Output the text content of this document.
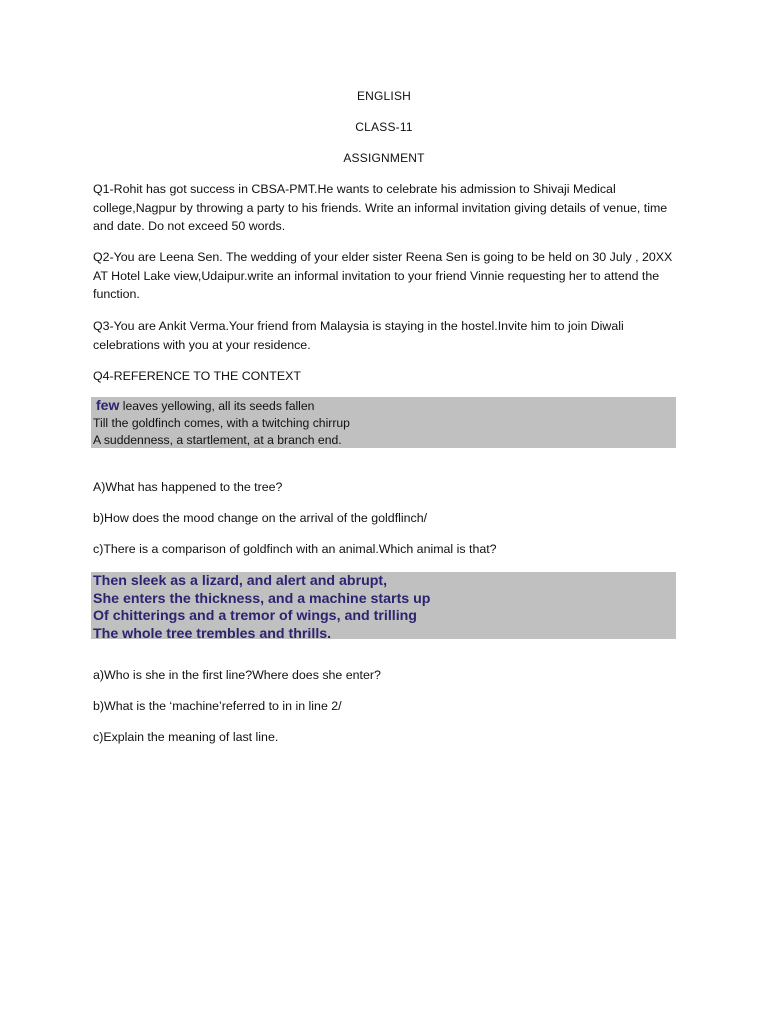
ENGLISH
CLASS-11
ASSIGNMENT

Q1-Rohit has got success in CBSA-PMT.He wants to celebrate his admission to Shivaji Medical college,Nagpur by throwing a party to his friends. Write an informal invitation giving details of venue, time and date. Do not exceed 50 words.

Q2-You are Leena Sen. The wedding of your elder sister Reena Sen is going to be held on 30 July , 20XX AT Hotel Lake view,Udaipur.write an informal invitation to your friend Vinnie requesting her to attend the function.

Q3-You are Ankit Verma.Your friend from Malaysia is staying in the hostel.Invite him to join Diwali celebrations with you at your residence.

Q4-REFERENCE TO THE CONTEXT

few leaves yellowing, all its seeds fallen
Till the goldfinch comes, with a twitching chirrup
A suddenness, a startlement, at a branch end.

A)What has happened to the tree?

b)How does the mood change on the arrival of the goldflinch/

c)There is a comparison of goldfinch with an animal.Which animal is that?

Then sleek as a lizard, and alert and abrupt,
She enters the thickness, and a machine starts up
Of chitterings and a tremor of wings, and trilling
The whole tree trembles and thrills.

a)Who is she in the first line?Where does she enter?

b)What is the ‘machine’referred to in in line 2/

c)Explain the meaning of last line.
